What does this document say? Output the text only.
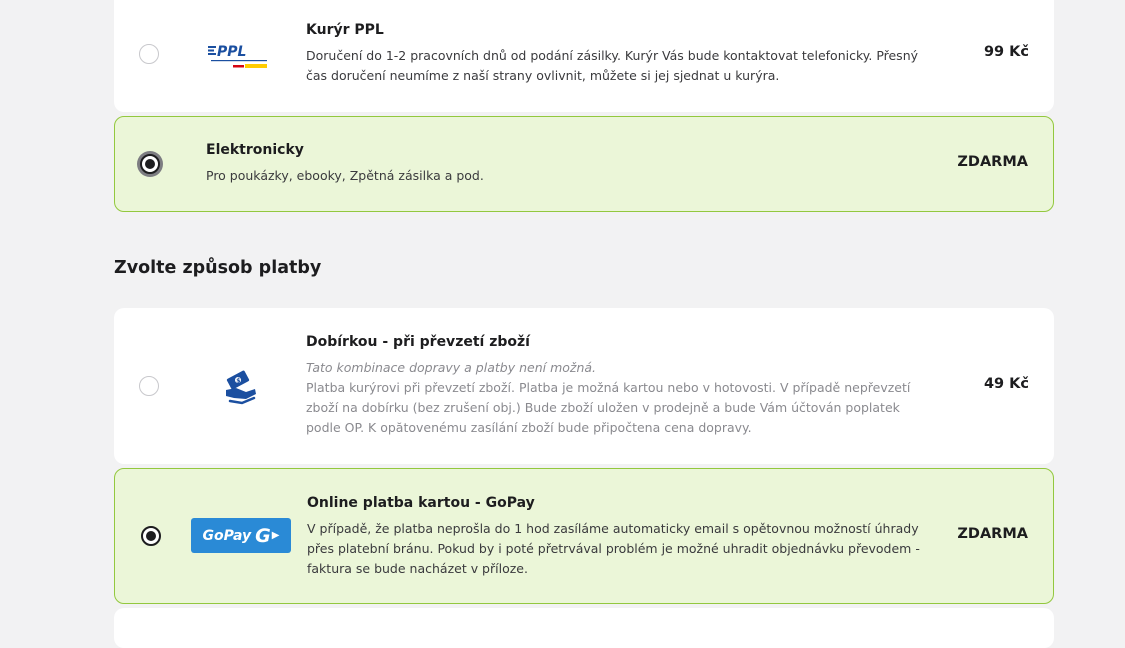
PPL
Kurýr PPL
Doručení do 1-2 pracovních dnů od podání zásilky. Kurýr Vás bude kontaktovat telefonicky. Přesný čas doručení neumíme z naší strany ovlivnit, můžete si jej sjednat u kurýra.
99 Kč
Elektronicky
Pro poukázky, ebooky, Zpětná zásilka a pod.
ZDARMA
Zvolte způsob platby
$
Dobírkou - při převzetí zboží
Tato kombinace dopravy a platby není možná.
Platba kurýrovi při převzetí zboží. Platba je možná kartou nebo v hotovosti. V případě nepřevzetí zboží na dobírku (bez zrušení obj.) Bude zboží uložen v prodejně a bude Vám účtován poplatek podle OP. K opătovenému zasílání zboží bude připočtena cena dopravy.
49 Kč
GoPay G ▶
Online platba kartou - GoPay
V případě, že platba neprošla do 1 hod zasíláme automaticky email s opětovnou možností úhrady přes platební bránu. Pokud by i poté přetrvával problém je možné uhradit objednávku převodem - faktura se bude nacházet v příloze.
ZDARMA
